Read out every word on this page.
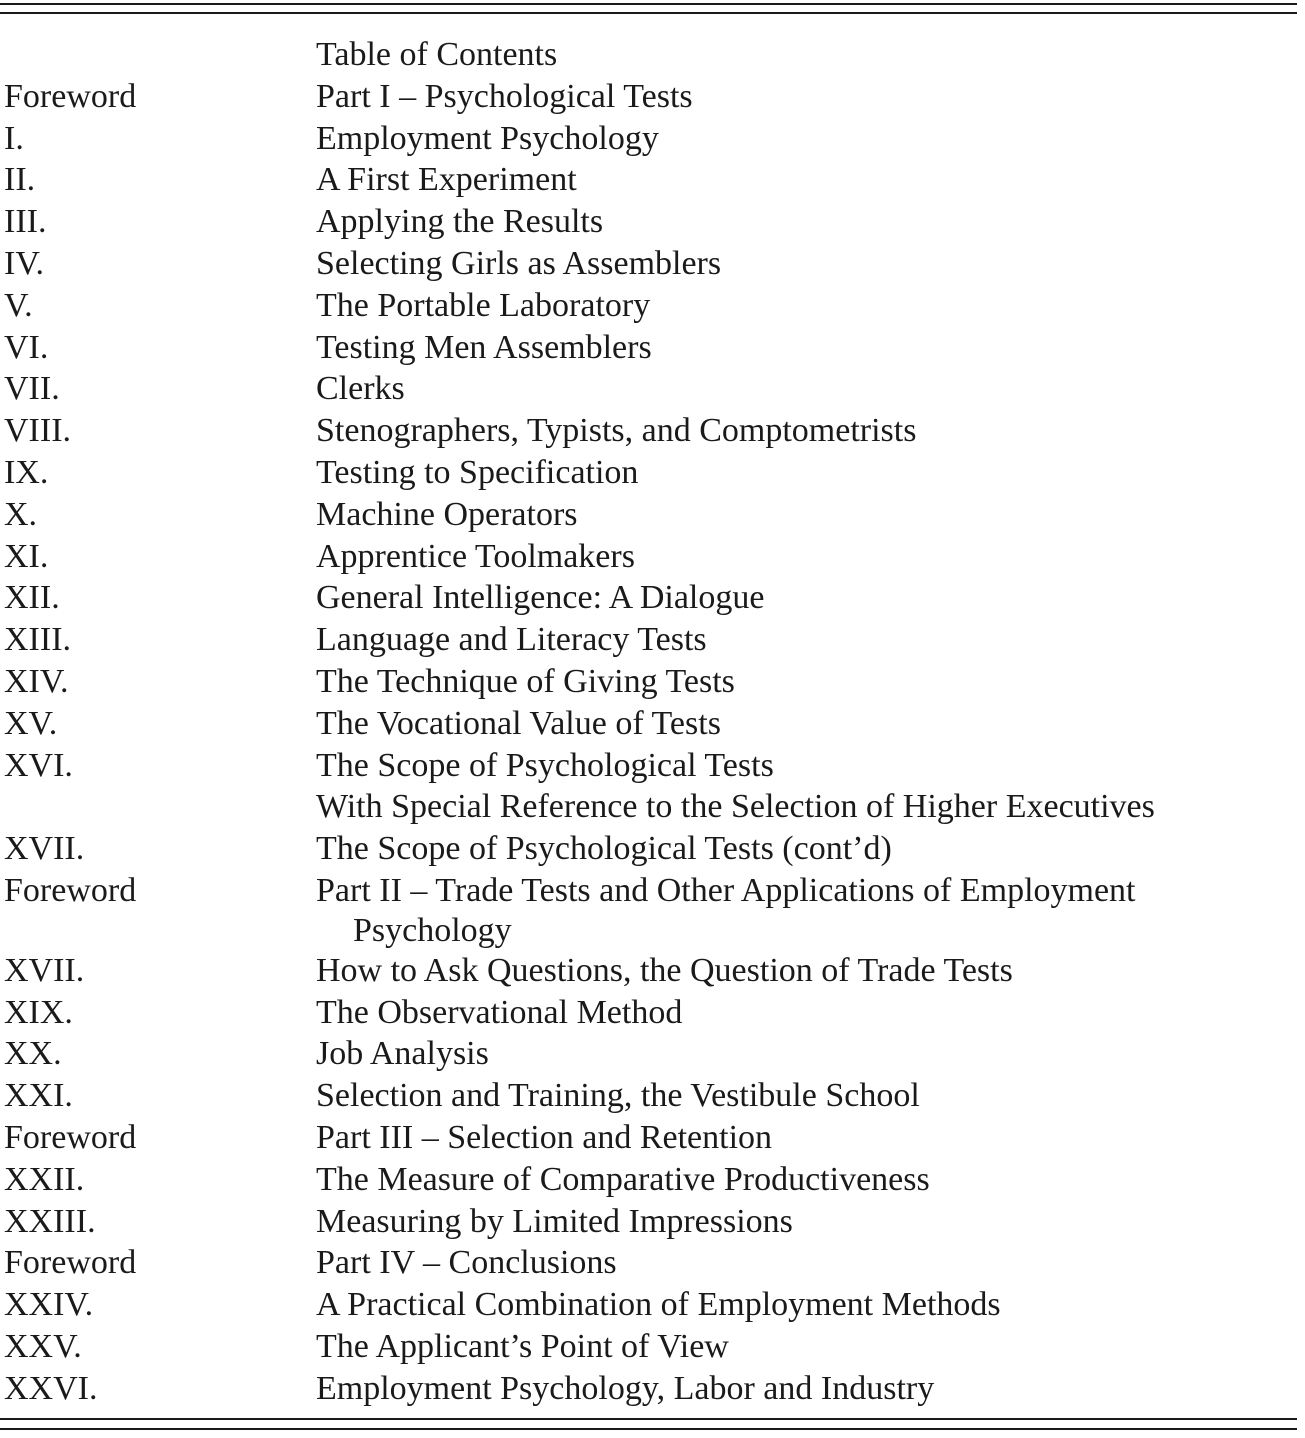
Table of Contents
Foreword	Part I – Psychological Tests
I.	Employment Psychology
II.	A First Experiment
III.	Applying the Results
IV.	Selecting Girls as Assemblers
V.	The Portable Laboratory
VI.	Testing Men Assemblers
VII.	Clerks
VIII.	Stenographers, Typists, and Comptometrists
IX.	Testing to Specification
X.	Machine Operators
XI.	Apprentice Toolmakers
XII.	General Intelligence: A Dialogue
XIII.	Language and Literacy Tests
XIV.	The Technique of Giving Tests
XV.	The Vocational Value of Tests
XVI.	The Scope of Psychological Tests
With Special Reference to the Selection of Higher Executives
XVII.	The Scope of Psychological Tests (cont’d)
Foreword	Part II – Trade Tests and Other Applications of Employment
Psychology
XVII.	How to Ask Questions, the Question of Trade Tests
XIX.	The Observational Method
XX.	Job Analysis
XXI.	Selection and Training, the Vestibule School
Foreword	Part III – Selection and Retention
XXII.	The Measure of Comparative Productiveness
XXIII.	Measuring by Limited Impressions
Foreword	Part IV – Conclusions
XXIV.	A Practical Combination of Employment Methods
XXV.	The Applicant’s Point of View
XXVI.	Employment Psychology, Labor and Industry
